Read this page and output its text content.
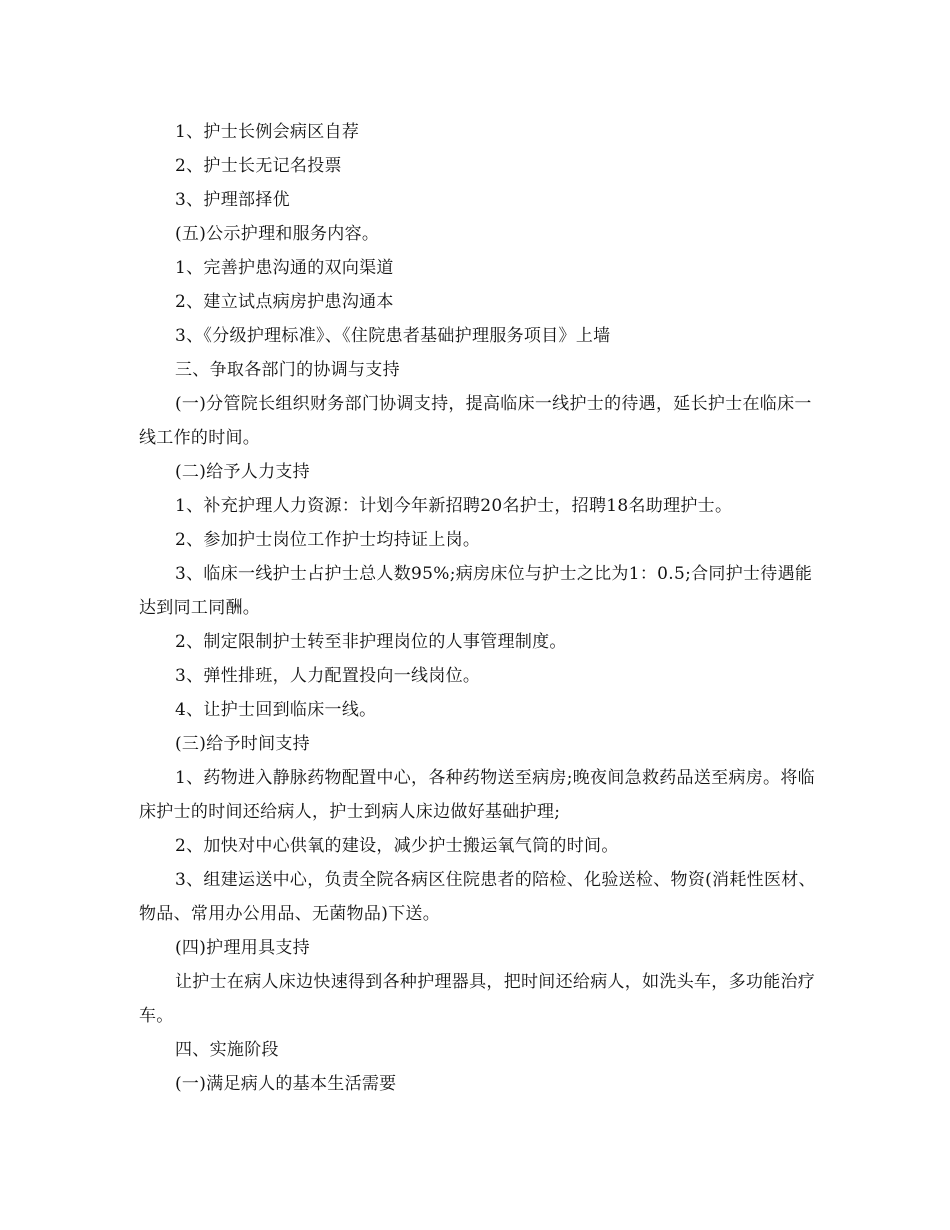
1、护士长例会病区自荐

2、护士长无记名投票

3、护理部择优

(五)公示护理和服务内容。

1、完善护患沟通的双向渠道

2、建立试点病房护患沟通本

3、《分级护理标准》、《住院患者基础护理服务项目》上墙

三、争取各部门的协调与支持

(一)分管院长组织财务部门协调支持，提高临床一线护士的待遇，延长护士在临床一线工作的时间。

(二)给予人力支持

1、补充护理人力资源：计划今年新招聘20名护士，招聘18名助理护士。

2、参加护士岗位工作护士均持证上岗。

3、临床一线护士占护士总人数95%;病房床位与护士之比为1：0.5;合同护士待遇能达到同工同酬。

2、制定限制护士转至非护理岗位的人事管理制度。

3、弹性排班，人力配置投向一线岗位。

4、让护士回到临床一线。

(三)给予时间支持

1、药物进入静脉药物配置中心，各种药物送至病房;晚夜间急救药品送至病房。将临床护士的时间还给病人，护士到病人床边做好基础护理;

2、加快对中心供氧的建设，减少护士搬运氧气筒的时间。

3、组建运送中心，负责全院各病区住院患者的陪检、化验送检、物资(消耗性医材、物品、常用办公用品、无菌物品)下送。

(四)护理用具支持

让护士在病人床边快速得到各种护理器具，把时间还给病人，如洗头车，多功能治疗车。

四、实施阶段

(一)满足病人的基本生活需要
